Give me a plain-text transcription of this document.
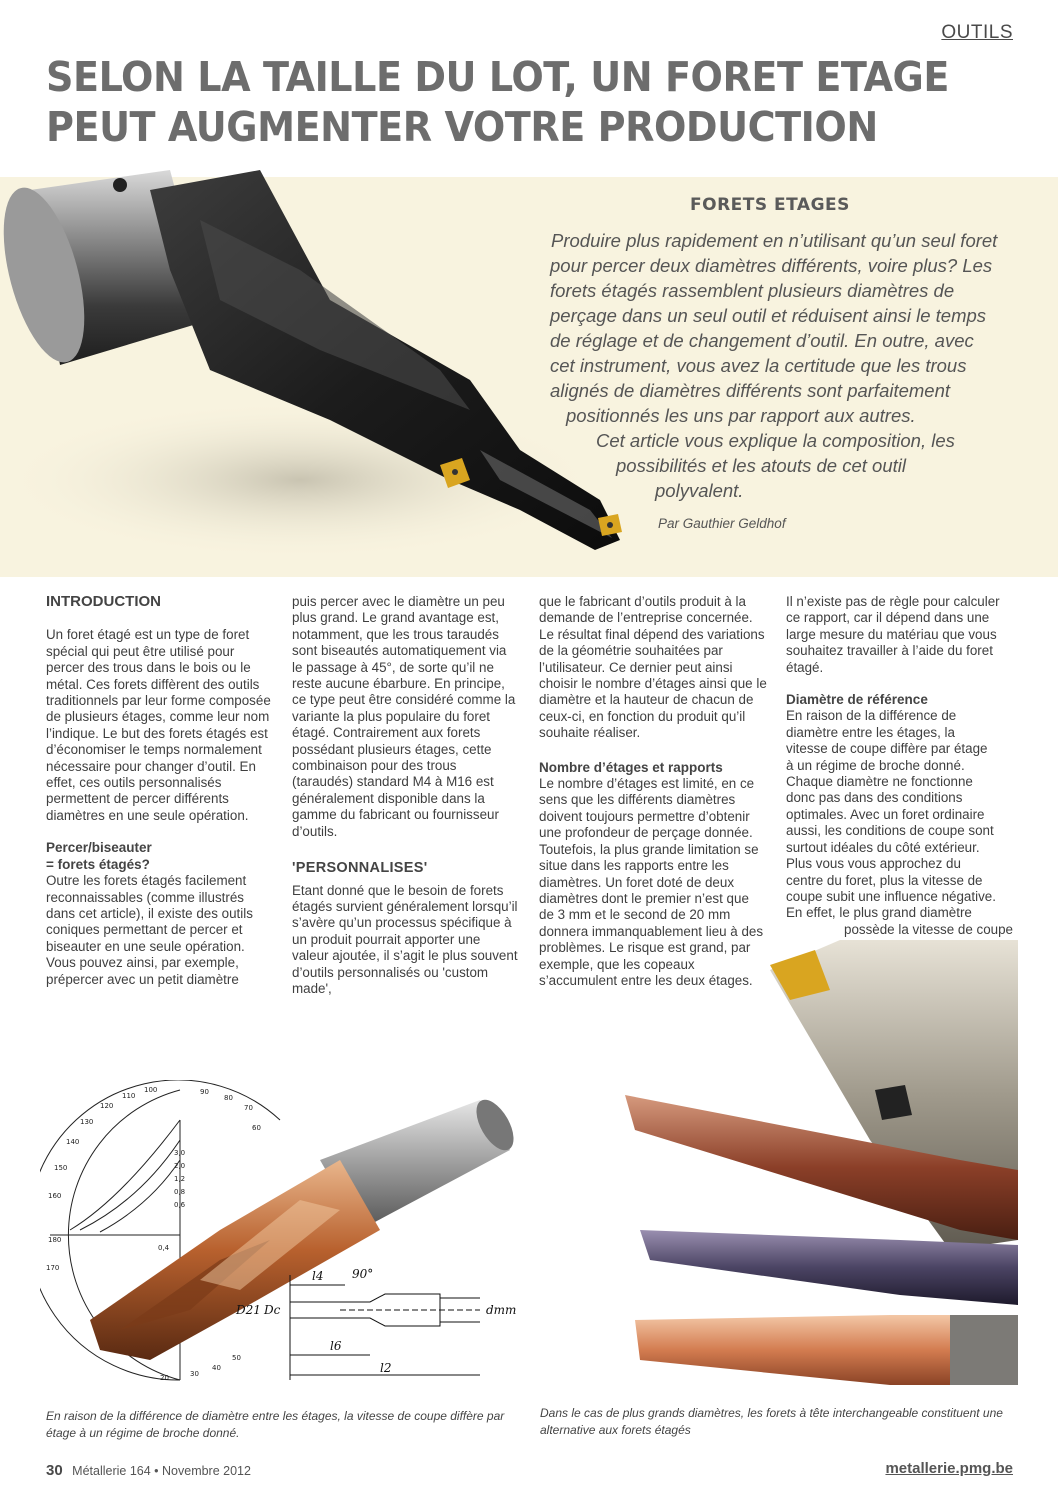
OUTILS
SELON LA TAILLE DU LOT, UN FORET ETAGE
PEUT AUGMENTER VOTRE PRODUCTION
FORETS ETAGES
Produire plus rapidement en n’utilisant qu’un seul foret
pour percer deux diamètres différents, voire plus? Les
forets étagés rassemblent plusieurs diamètres de
perçage dans un seul outil et réduisent ainsi le temps
de réglage et de changement d’outil. En outre, avec
cet instrument, vous avez la certitude que les trous
alignés de diamètres différents sont parfaitement
positionnés les uns par rapport aux autres.
Cet article vous explique la composition, les
possibilités et les atouts de cet outil
polyvalent.
Par Gauthier Geldhof
INTRODUCTION

Un foret étagé est un type de foret spécial qui peut être utilisé pour percer des trous dans le bois ou le métal. Ces forets diffèrent des outils traditionnels par leur forme composée de plusieurs étages, comme leur nom l’indique. Le but des forets étagés est d’économiser le temps normalement nécessaire pour changer d’outil. En effet, ces outils personnalisés permettent de percer différents diamètres en une seule opération.

Percer/biseauter
= forets étagés?

Outre les forets étagés facilement reconnaissables (comme illustrés dans cet article), il existe des outils coniques permettant de percer et biseauter en une seule opération. Vous pouvez ainsi, par exemple, prépercer avec un petit diamètre

puis percer avec le diamètre un peu plus grand. Le grand avantage est, notamment, que les trous taraudés sont biseautés automatiquement via le passage à 45°, de sorte qu’il ne reste aucune ébarbure. En principe, ce type peut être considéré comme la variante la plus populaire du foret étagé. Contrairement aux forets possédant plusieurs étages, cette combinaison pour des trous (taraudés) standard M4 à M16 est généralement disponible dans la gamme du fabricant ou fournisseur d’outils.

'PERSONNALISES'

Etant donné que le besoin de forets étagés survient généralement lorsqu’il s’avère qu’un processus spécifique à un produit pourrait apporter une valeur ajoutée, il s’agit le plus souvent d’outils personnalisés ou 'custom made',

que le fabricant d’outils produit à la demande de l’entreprise concernée. Le résultat final dépend des variations de la géométrie souhaitées par l’utilisateur. Ce dernier peut ainsi choisir le nombre d’étages ainsi que le diamètre et la hauteur de chacun de ceux-ci, en fonction du produit qu’il souhaite réaliser.

Nombre d’étages et rapports

Le nombre d’étages est limité, en ce sens que les différents diamètres doivent toujours permettre d’obtenir une profondeur de perçage donnée. Toutefois, la plus grande limitation se situe dans les rapports entre les diamètres. Un foret doté de deux diamètres dont le premier n’est que de 3 mm et le second de 20 mm donnera immanquablement lieu à des problèmes. Le risque est grand, par exemple, que les copeaux s’accumulent entre les deux étages.

Il n’existe pas de règle pour calculer ce rapport, car il dépend dans une large mesure du matériau que vous souhaitez travailler à l’aide du foret étagé.

Diamètre de référence
En raison de la différence de
diamètre entre les étages, la
vitesse de coupe diffère par étage
à un régime de broche donné.
Chaque diamètre ne fonctionne
donc pas dans des conditions
optimales. Avec un foret ordinaire
aussi, les conditions de coupe sont
surtout idéales du côté extérieur.
Plus vous vous approchez du
centre du foret, plus la vitesse de
coupe subit une influence négative.
En effet, le plus grand diamètre
possède la vitesse de coupe
120
110
100	90
80
70
130
140
150
160
170
180
20	30
40
50
60
3,0
2,0
1,2
0,8
0,6
0,4
l4 90°
D21 Dc	dmm
l6
l2
En raison de la différence de diamètre entre les étages, la vitesse de coupe diffère par étage à un régime de broche donné.
Dans le cas de plus grands diamètres, les forets à tête interchangeable constituent une alternative aux forets étagés
30 Métallerie 164 • Novembre 2012	metallerie.pmg.be
